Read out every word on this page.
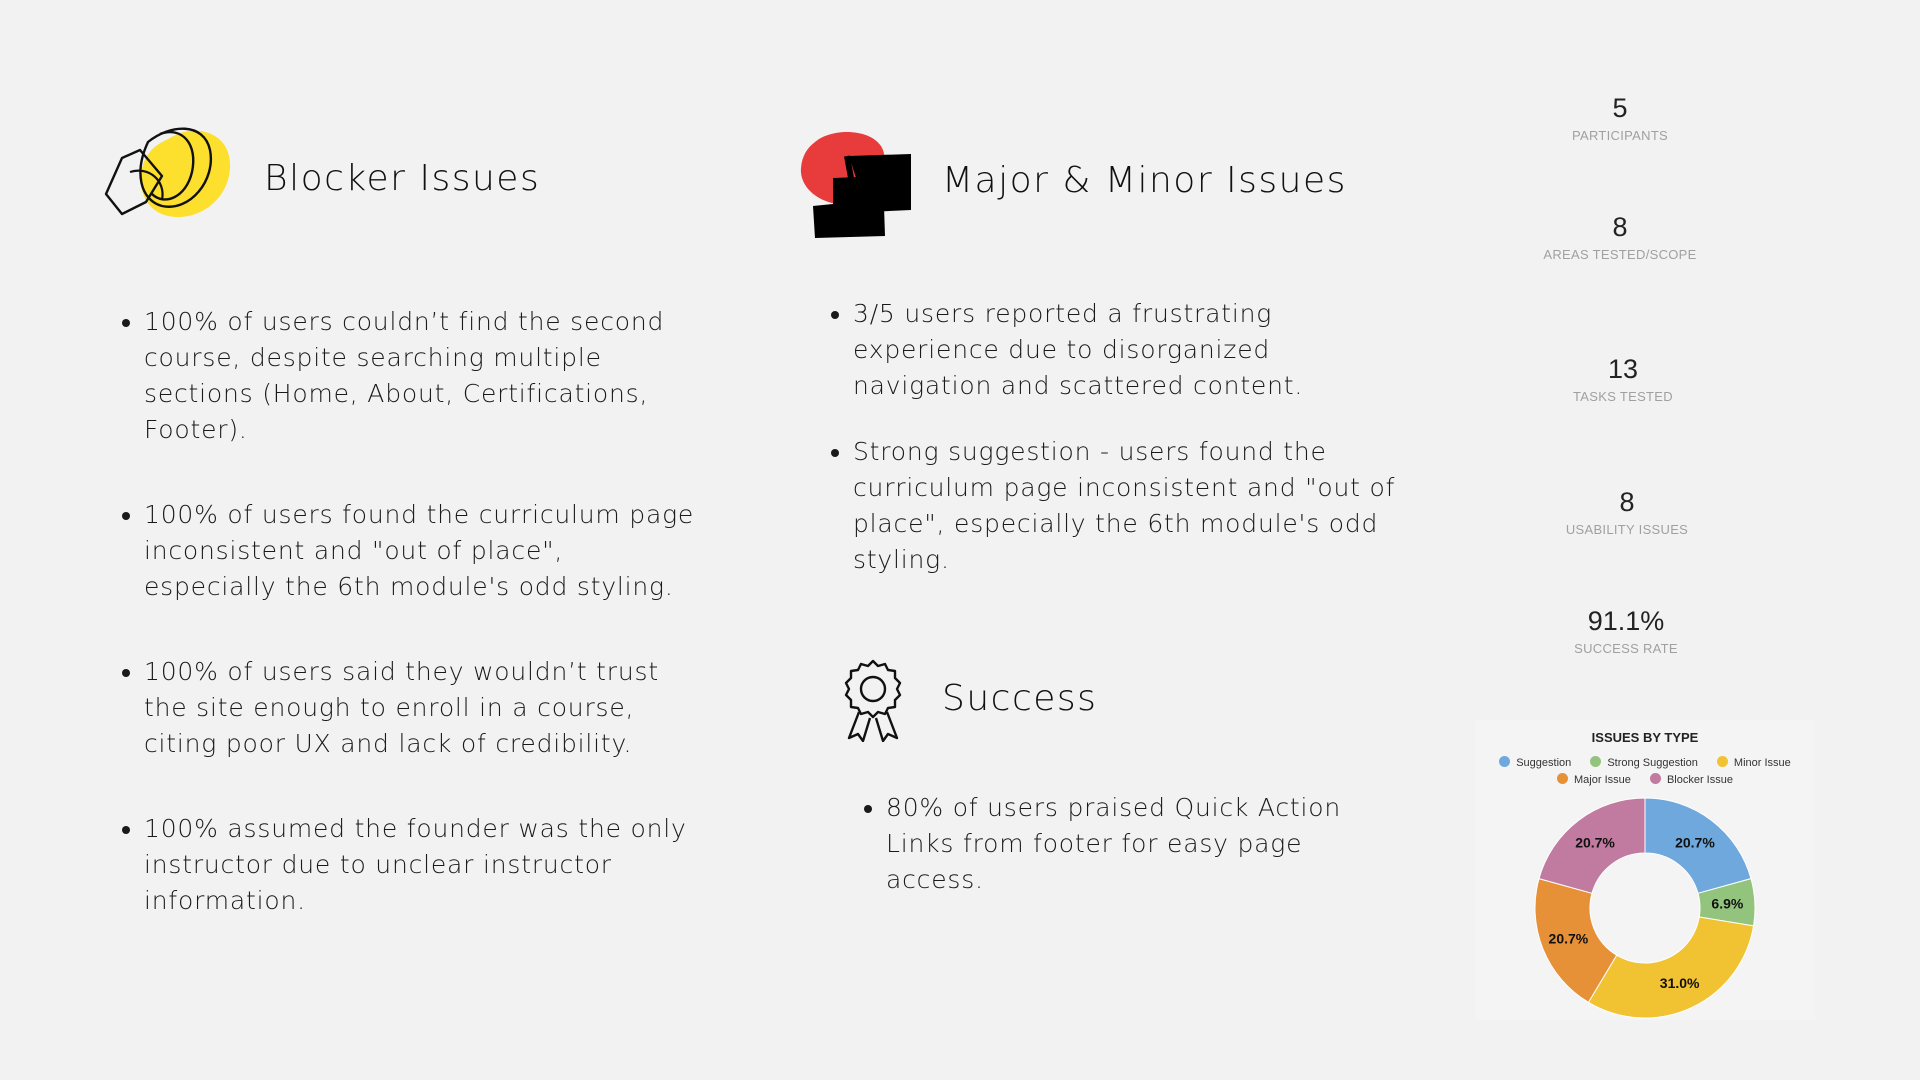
Blocker Issues
• 100% of users couldn’t find the second course, despite searching multiple sections (Home, About, Certifications, Footer).
• 100% of users found the curriculum page inconsistent and "out of place", especially the 6th module's odd styling.
• 100% of users said they wouldn’t trust the site enough to enroll in a course, citing poor UX and lack of credibility.
• 100% assumed the founder was the only instructor due to unclear instructor information.
Major & Minor Issues
• 3/5 users reported a frustrating experience due to disorganized navigation and scattered content.
• Strong suggestion - users found the curriculum page inconsistent and "out of place", especially the 6th module's odd styling.
Success
• 80% of users praised Quick Action Links from footer for easy page access.
5
PARTICIPANTS
8
AREAS TESTED/SCOPE
13
TASKS TESTED
8
USABILITY ISSUES
91.1%
SUCCESS RATE
ISSUES BY TYPE
Suggestion	Strong Suggestion	Minor Issue
Major Issue	Blocker Issue
20.7%
6.9%
31.0%
20.7%
20.7%
